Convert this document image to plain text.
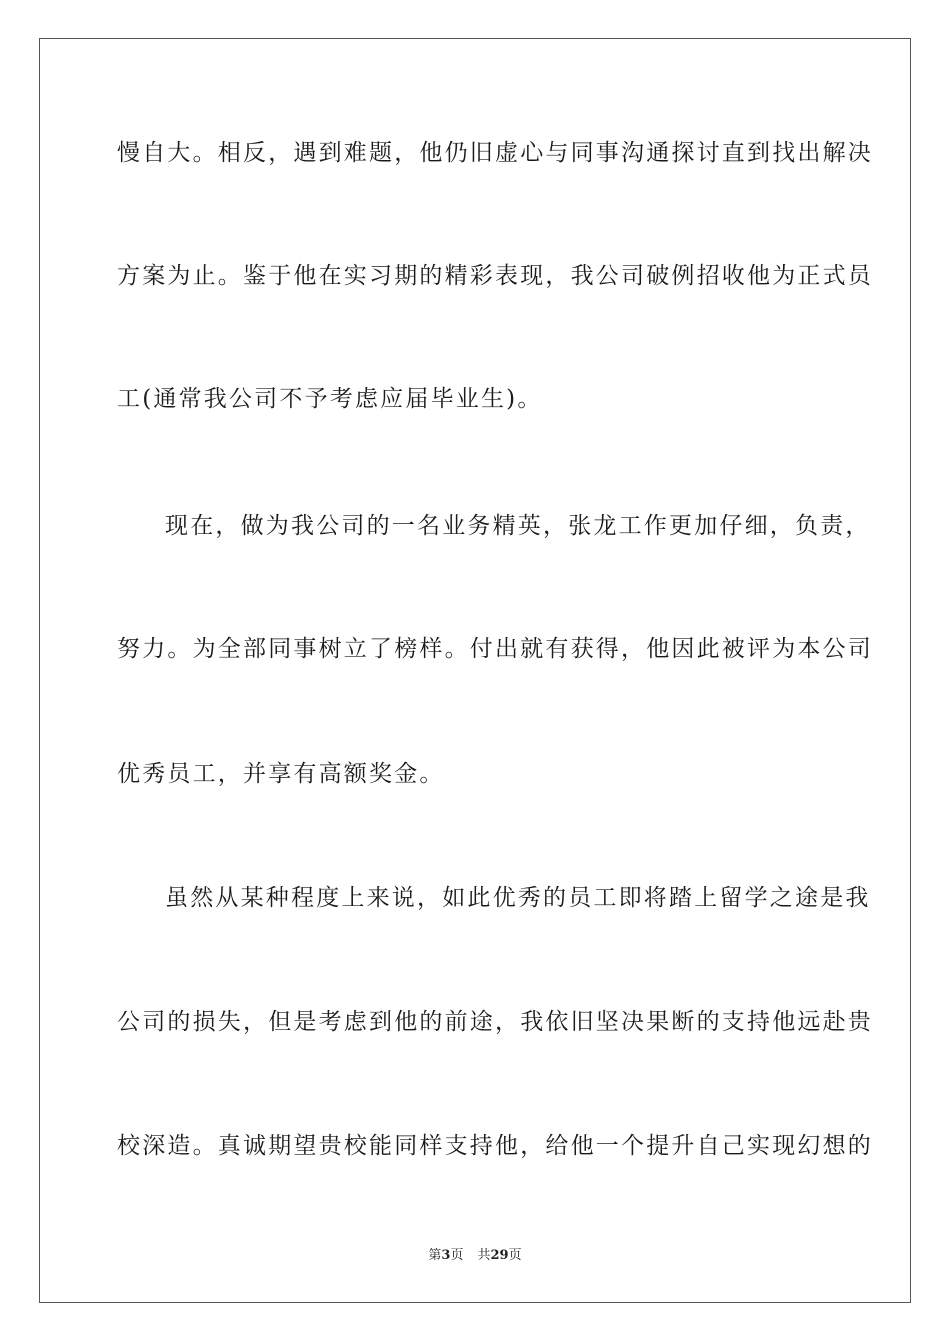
慢自大。相反，遇到难题，他仍旧虚心与同事沟通探讨直到找出解决
方案为止。鉴于他在实习期的精彩表现，我公司破例招收他为正式员
工(通常我公司不予考虑应届毕业生)。
现在，做为我公司的一名业务精英，张龙工作更加仔细，负责，
努力。为全部同事树立了榜样。付出就有获得，他因此被评为本公司
优秀员工，并享有高额奖金。
虽然从某种程度上来说，如此优秀的员工即将踏上留学之途是我
公司的损失，但是考虑到他的前途，我依旧坚决果断的支持他远赴贵
校深造。真诚期望贵校能同样支持他，给他一个提升自己实现幻想的
第3页 共29页
